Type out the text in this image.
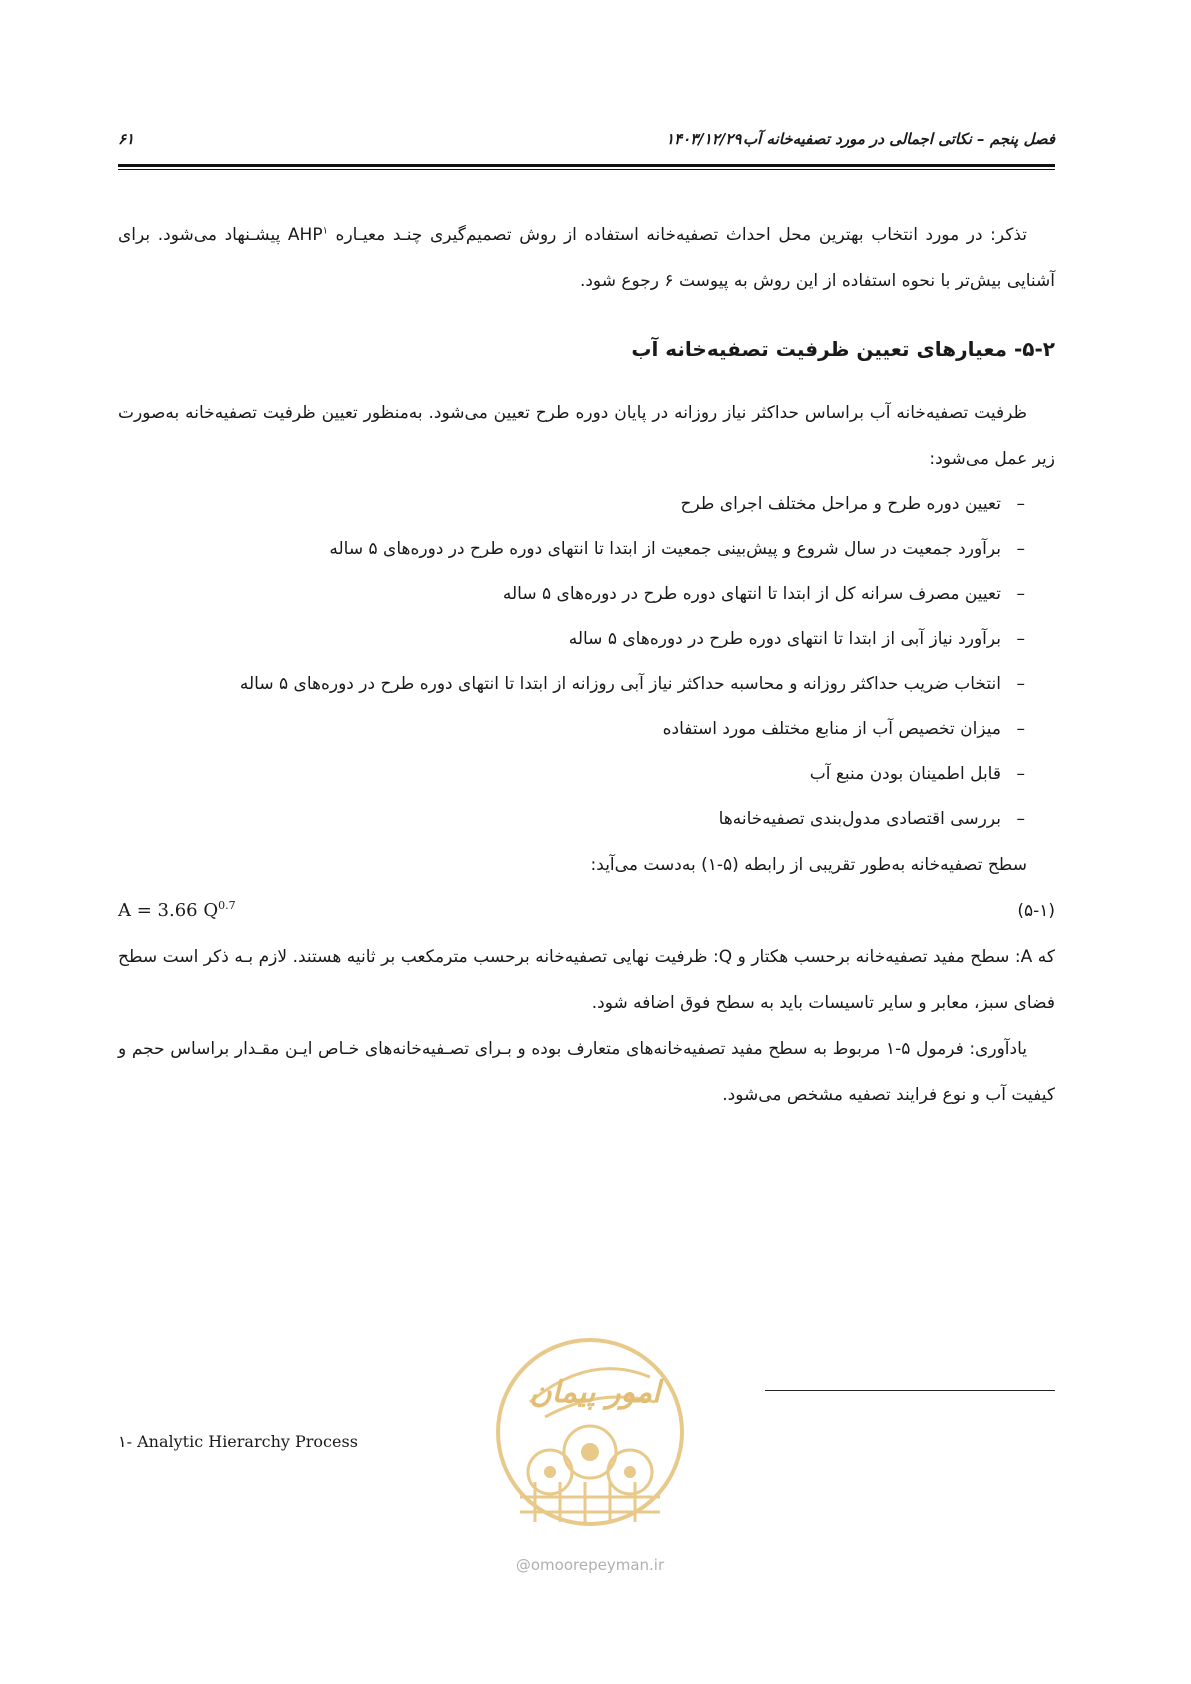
فصل پنجم – نکاتی اجمالی در مورد تصفیه‌خانه آب
۱۴۰۳/۱۲/۲۹
۶۱

تذکر: در مورد انتخاب بهترین محل احداث تصفیه‌خانه استفاده از روش تصمیم‌گیری چنـد معیـاره AHP$^۱$ پیشـنهاد می‌شود. برای آشنایی بیش‌تر با نحوه استفاده از این روش به پیوست ۶ رجوع شود.

۵-۲- معیارهای تعیین ظرفیت تصفیه‌خانه آب

ظرفیت تصفیه‌خانه آب براساس حداکثر نیاز روزانه در پایان دوره طرح تعیین می‌شود. به‌منظور تعیین ظرفیت تصفیه‌خانه به‌صورت زیر عمل می‌شود:

– تعیین دوره طرح و مراحل مختلف اجرای طرح
– برآورد جمعیت در سال شروع و پیش‌بینی جمعیت از ابتدا تا انتهای دوره طرح در دوره‌های ۵ ساله
– تعیین مصرف سرانه کل از ابتدا تا انتهای دوره طرح در دوره‌های ۵ ساله
– برآورد نیاز آبی از ابتدا تا انتهای دوره طرح در دوره‌های ۵ ساله
– انتخاب ضریب حداکثر روزانه و محاسبه حداکثر نیاز آبی روزانه از ابتدا تا انتهای دوره طرح در دوره‌های ۵ ساله
– میزان تخصیص آب از منابع مختلف مورد استفاده
– قابل اطمینان بودن منبع آب
– بررسی اقتصادی مدول‌بندی تصفیه‌خانه‌ها

سطح تصفیه‌خانه به‌طور تقریبی از رابطه (۵-۱) به‌دست می‌آید:

A = 3.66 $Q^{0.7}$	(۵-۱)

که A: سطح مفید تصفیه‌خانه برحسب هکتار و Q: ظرفیت نهایی تصفیه‌خانه برحسب مترمکعب بر ثانیه هستند. لازم بـه ذکر است سطح فضای سبز، معابر و سایر تاسیسات باید به سطح فوق اضافه شود.

یادآوری: فرمول ۵-۱ مربوط به سطح مفید تصفیه‌خانه‌های متعارف بوده و بـرای تصـفیه‌خانه‌های خـاص ایـن مقـدار براساس حجم و کیفیت آب و نوع فرایند تصفیه مشخص می‌شود.

۱- Analytic Hierarchy Process
امور پیمان
@omoorepeyman.ir
